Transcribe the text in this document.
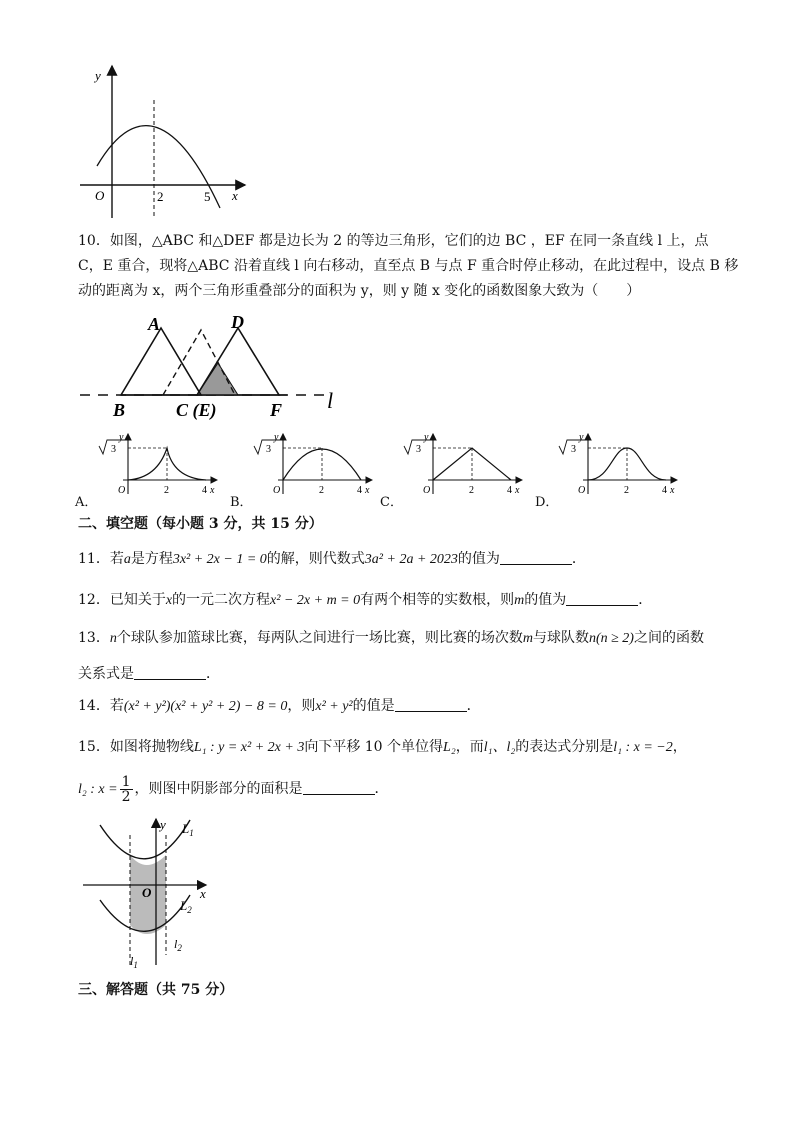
y
x
O	2	5
10．如图，△ABC 和△DEF 都是边长为 2 的等边三角形，它们的边 BC ，EF 在同一条直线 l 上，点
C，E 重合，现将△ABC 沿着直线 l 向右移动，直至点 B 与点 F 重合时停止移动，在此过程中，设点 B 移
动的距离为 x，两个三角形重叠部分的面积为 y，则 y 随 x 变化的函数图象大致为（　　）
A	D
B	C (E)	F l
A．
3
y
O	2	4 x
B．
3
y
O	2	4 x
C．
3
y
O	2	4 x
D．
3
y
O	2	4 x
二、填空题（每小题 3 分，共 15 分）
11．若a是方程3x² + 2x − 1 = 0的解，则代数式3a² + 2a + 2023的值为	．
12．已知关于x的一元二次方程x² − 2x + m = 0有两个相等的实数根，则m的值为	．
13．n个球队参加篮球比赛，每两队之间进行一场比赛，则比赛的场次数m与球队数n(n ≥ 2)之间的函数
关系式是	．
14．若(x² + y²)(x² + y² + 2) − 8 = 0，则x² + y²的值是	．
15．如图将抛物线L₁ : y = x² + 2x + 3向下平移 10 个单位得L₂，而l₁、l₂的表达式分别是l₁ : x = −2，
l₂ : $x = \frac{1}{2}$ ，则图中阴影部分的面积是	．
y
x
O
$L_1$
$L_2$
$l_1$
$l_2$
三、解答题（共 75 分）
